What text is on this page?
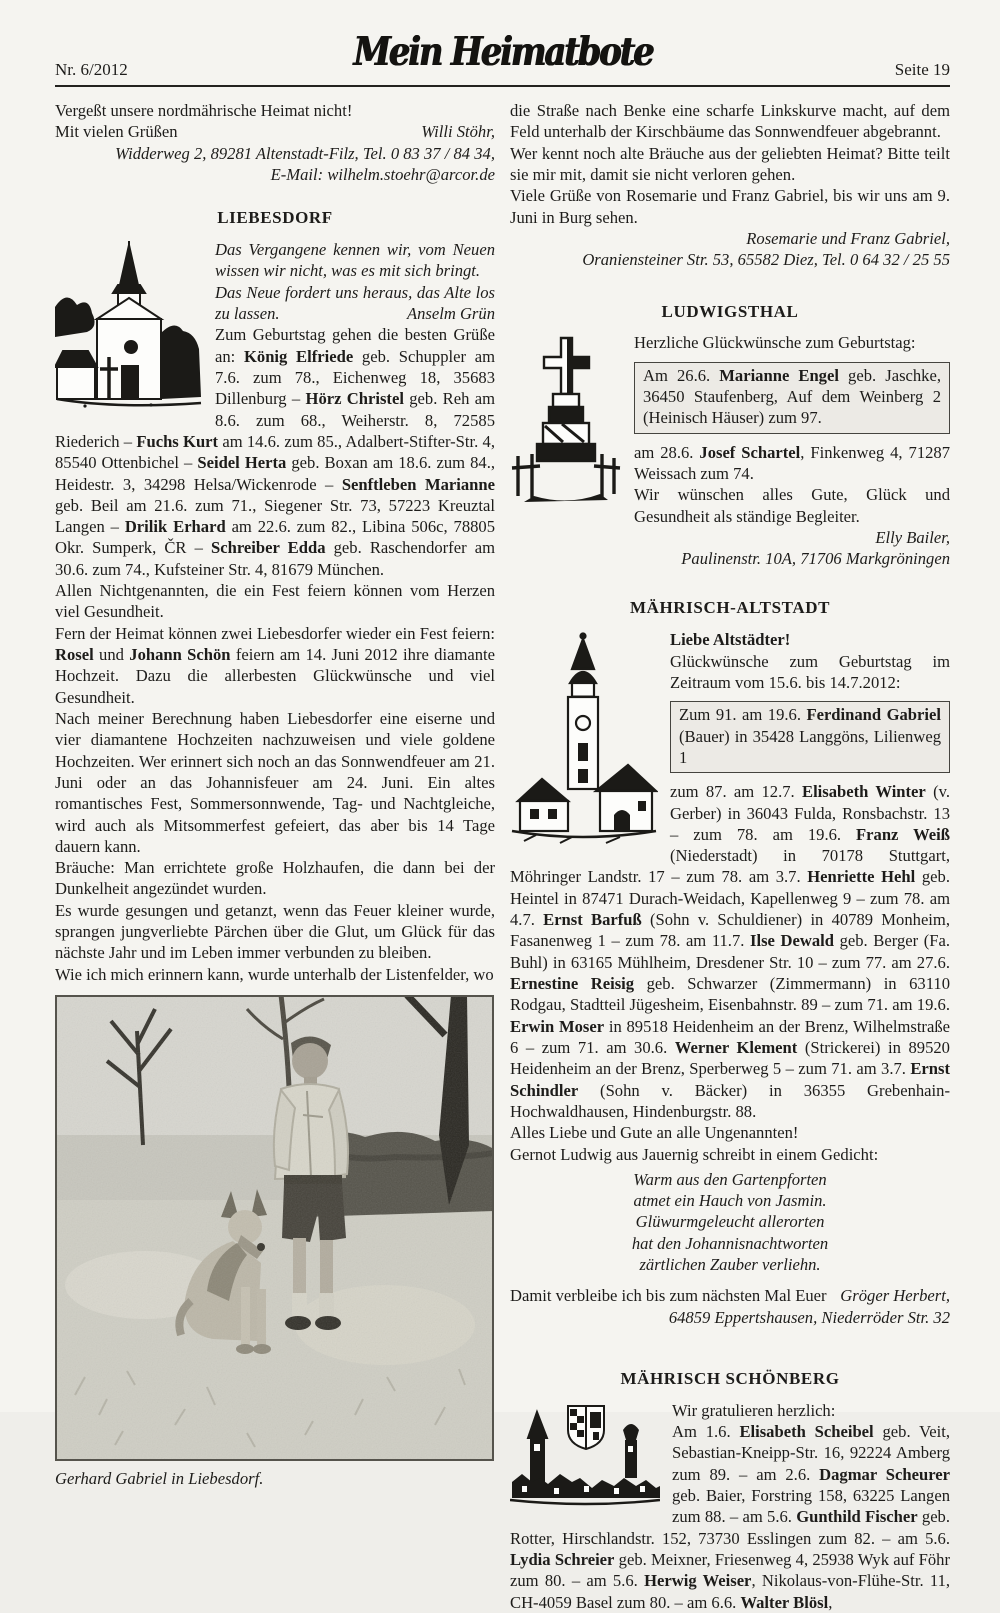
Nr. 6/2012	Mein Heimatbote	Seite 19

Vergeßt unsere nordmährische Heimat nicht!

Mit vielen Grüßen	Willi Stöhr,
Widderweg 2, 89281 Altenstadt-Filz, Tel. 0 83 37 / 84 34,
E-Mail: wilhelm.stoehr@arcor.de
LIEBESDORF

Das Vergangene kennen wir, vom Neuen wissen wir nicht, was es mit sich bringt.
Das Neue fordert uns heraus, das Alte los zu lassen.	Anselm Grün

Zum Geburtstag gehen die besten Grüße an: König Elfriede geb. Schuppler am 7.6. zum 78., Eichenweg 18, 35683 Dillenburg – Hörz Christel geb. Reh am 8.6. zum 68., Weiherstr. 8, 72585 Riederich – Fuchs Kurt am 14.6. zum 85., Adalbert-Stifter-Str. 4, 85540 Ottenbichel – Seidel Herta geb. Boxan am 18.6. zum 84., Heidestr. 3, 34298 Helsa/Wickenrode – Senftleben Marianne geb. Beil am 21.6. zum 71., Siegener Str. 73, 57223 Kreuztal Langen – Drilik Erhard am 22.6. zum 82., Libina 506c, 78805 Okr. Sumperk, ČR – Schreiber Edda geb. Raschendorfer am 30.6. zum 74., Kufsteiner Str. 4, 81679 München.

Allen Nichtgenannten, die ein Fest feiern können vom Herzen viel Gesundheit.

Fern der Heimat können zwei Liebesdorfer wieder ein Fest feiern: Rosel und Johann Schön feiern am 14. Juni 2012 ihre diamante Hochzeit. Dazu die allerbesten Glückwünsche und viel Gesundheit.

Nach meiner Berechnung haben Liebesdorfer eine eiserne und vier diamantene Hochzeiten nachzuweisen und viele goldene Hochzeiten. Wer erinnert sich noch an das Sonnwendfeuer am 21. Juni oder an das Johannisfeuer am 24. Juni. Ein altes romantisches Fest, Sommersonnwende, Tag- und Nachtgleiche, wird auch als Mitsommerfest gefeiert, das aber bis 14 Tage dauern kann.

Bräuche: Man errichtete große Holzhaufen, die dann bei der Dunkelheit angezündet wurden.

Es wurde gesungen und getanzt, wenn das Feuer kleiner wurde, sprangen jungverliebte Pärchen über die Glut, um Glück für das nächste Jahr und im Leben immer verbunden zu bleiben.

Wie ich mich erinnern kann, wurde unterhalb der Listenfelder, wo

Gerhard Gabriel in Liebesdorf.

die Straße nach Benke eine scharfe Linkskurve macht, auf dem Feld unterhalb der Kirschbäume das Sonnwendfeuer abgebrannt.

Wer kennt noch alte Bräuche aus der geliebten Heimat? Bitte teilt sie mir mit, damit sie nicht verloren gehen.

Viele Grüße von Rosemarie und Franz Gabriel, bis wir uns am 9. Juni in Burg sehen.

Rosemarie und Franz Gabriel,
Oraniensteiner Str. 53, 65582 Diez, Tel. 0 64 32 / 25 55
LUDWIGSTHAL

Herzliche Glückwünsche zum Geburtstag:

Am 26.6. Marianne Engel geb. Jaschke, 36450 Staufenberg, Auf dem Weinberg 2 (Heinisch Häuser) zum 97.

am 28.6. Josef Schartel, Finkenweg 4, 71287 Weissach zum 74.

Wir wünschen alles Gute, Glück und Gesundheit als ständige Begleiter.

Elly Bailer,
Paulinenstr. 10A, 71706 Markgröningen
MÄHRISCH-ALTSTADT

Liebe Altstädter!

Glückwünsche zum Geburtstag im Zeitraum vom 15.6. bis 14.7.2012:

Zum 91. am 19.6. Ferdinand Gabriel (Bauer) in 35428 Langgöns, Lilienweg 1

zum 87. am 12.7. Elisabeth Winter (v. Gerber) in 36043 Fulda, Ronsbachstr. 13 – zum 78. am 19.6. Franz Weiß (Niederstadt) in 70178 Stuttgart, Möhringer Landstr. 17 – zum 78. am 3.7. Henriette Hehl geb. Heintel in 87471 Durach-Weidach, Kapellenweg 9 – zum 78. am 4.7. Ernst Barfuß (Sohn v. Schuldiener) in 40789 Monheim, Fasanenweg 1 – zum 78. am 11.7. Ilse Dewald geb. Berger (Fa. Buhl) in 63165 Mühlheim, Dresdener Str. 10 – zum 77. am 27.6. Ernestine Reisig geb. Schwarzer (Zimmermann) in 63110 Rodgau, Stadtteil Jügesheim, Eisenbahnstr. 89 – zum 71. am 19.6. Erwin Moser in 89518 Heidenheim an der Brenz, Wilhelmstraße 6 – zum 71. am 30.6. Werner Klement (Strickerei) in 89520 Heidenheim an der Brenz, Sperberweg 5 – zum 71. am 3.7. Ernst Schindler (Sohn v. Bäcker) in 36355 Grebenhain-Hochwaldhausen, Hindenburgstr. 88.

Alles Liebe und Gute an alle Ungenannten!

Gernot Ludwig aus Jauernig schreibt in einem Gedicht:

Warm aus den Gartenpforten
atmet ein Hauch von Jasmin.
Glüwurmgeleucht allerorten
hat den Johannisnachtworten
zärtlichen Zauber verliehn.
Damit verbleibe ich bis zum nächsten Mal Euer Gröger Herbert,
64859 Eppertshausen, Niederröder Str. 32
MÄHRISCH SCHÖNBERG

Wir gratulieren herzlich:

Am 1.6. Elisabeth Scheibel geb. Veit, Sebastian-Kneipp-Str. 16, 92224 Amberg zum 89. – am 2.6. Dagmar Scheurer geb. Baier, Forstring 158, 63225 Langen zum 88. – am 5.6. Gunthild Fischer geb. Rotter, Hirschlandstr. 152, 73730 Esslingen zum 82. – am 5.6. Lydia Schreier geb. Meixner, Friesenweg 4, 25938 Wyk auf Föhr zum 80. – am 5.6. Herwig Weiser, Nikolaus-von-Flühe-Str. 11, CH-4059 Basel zum 80. – am 6.6. Walter Blösl,
